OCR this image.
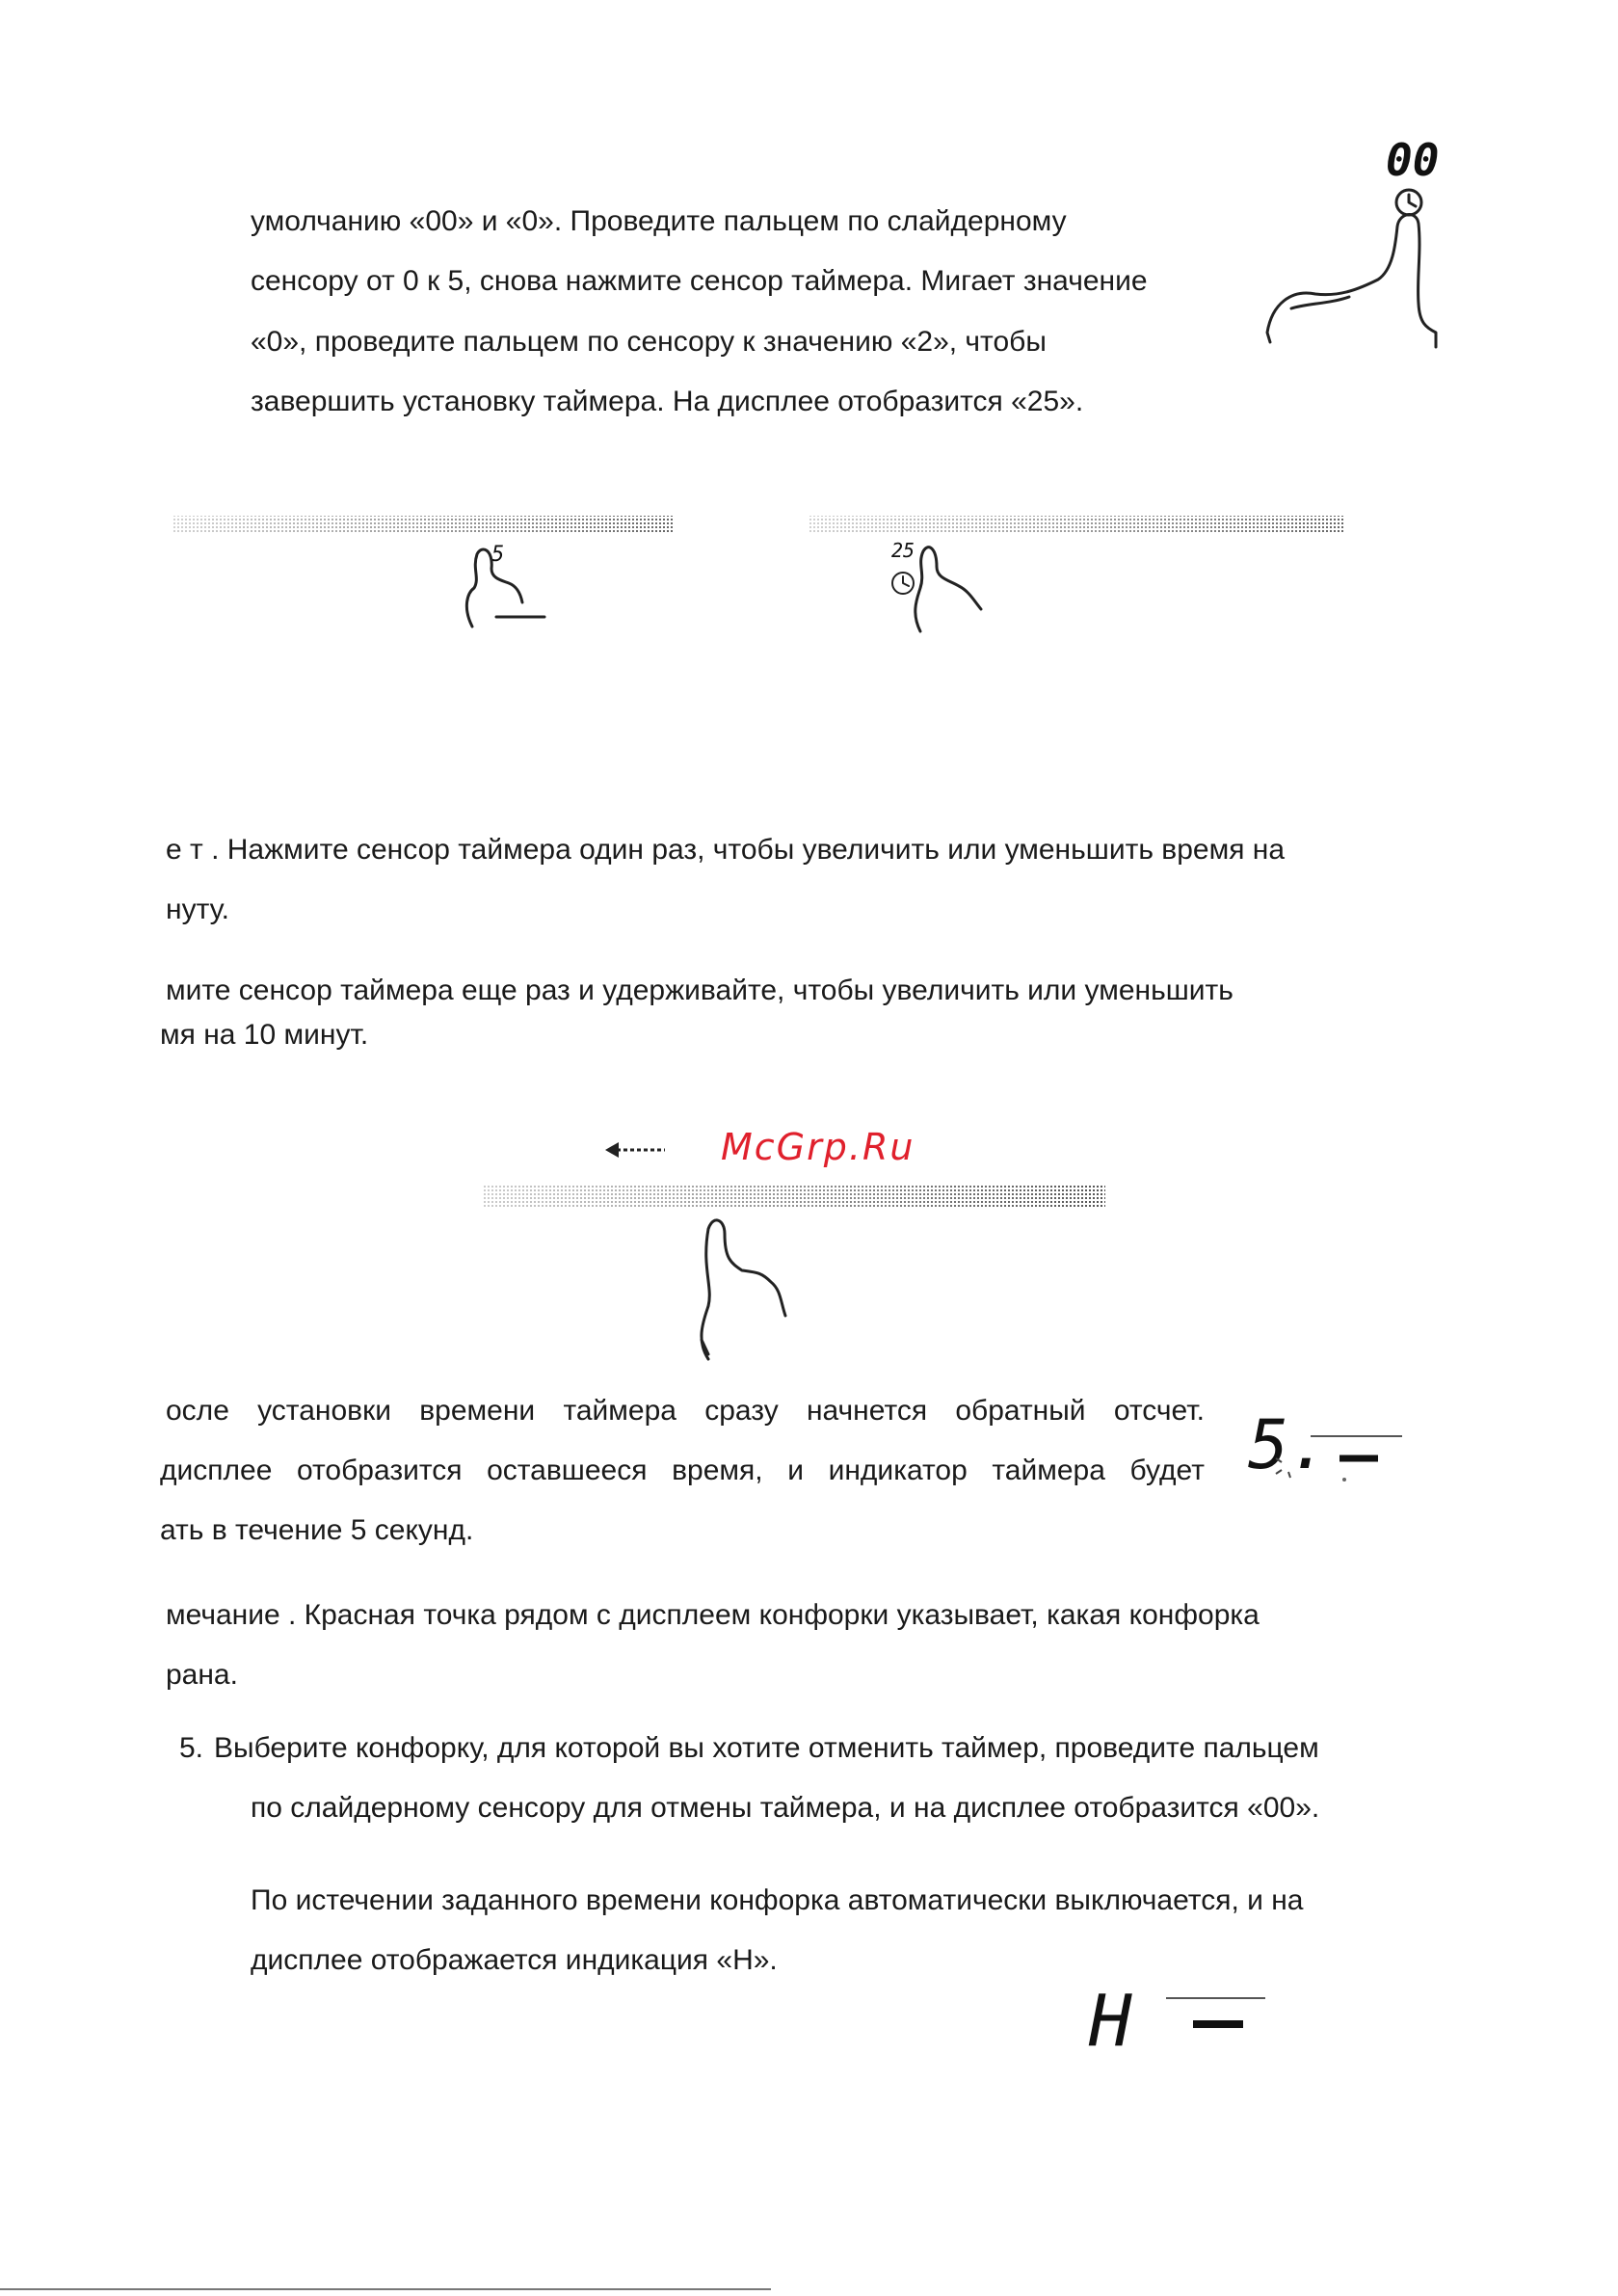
умолчанию «00» и «0». Проведите пальцем по слайдерному
сенсору от 0 к 5, снова нажмите сенсор таймера. Мигает значение
«0», проведите пальцем по сенсору к значению «2», чтобы
завершить установку таймера. На дисплее отобразится «25».
00
5	25
е т . Нажмите сенсор таймера один раз, чтобы увеличить или уменьшить время на
нуту.
мите сенсор таймера еще раз и удерживайте, чтобы увеличить или уменьшить
мя на 10 минут.
McGrp.Ru
осле установки времени таймера сразу начнется обратный отсчет.
дисплее отобразится оставшееся время, и индикатор таймера будет
ать в течение 5 секунд.
5.
мечание . Красная точка рядом с дисплеем конфорки указывает, какая конфорка
рана.
5. Выберите конфорку, для которой вы хотите отменить таймер, проведите пальцем
по слайдерному сенсору для отмены таймера, и на дисплее отобразится «00».
По истечении заданного времени конфорка автоматически выключается, и на
дисплее отображается индикация «H».
H
